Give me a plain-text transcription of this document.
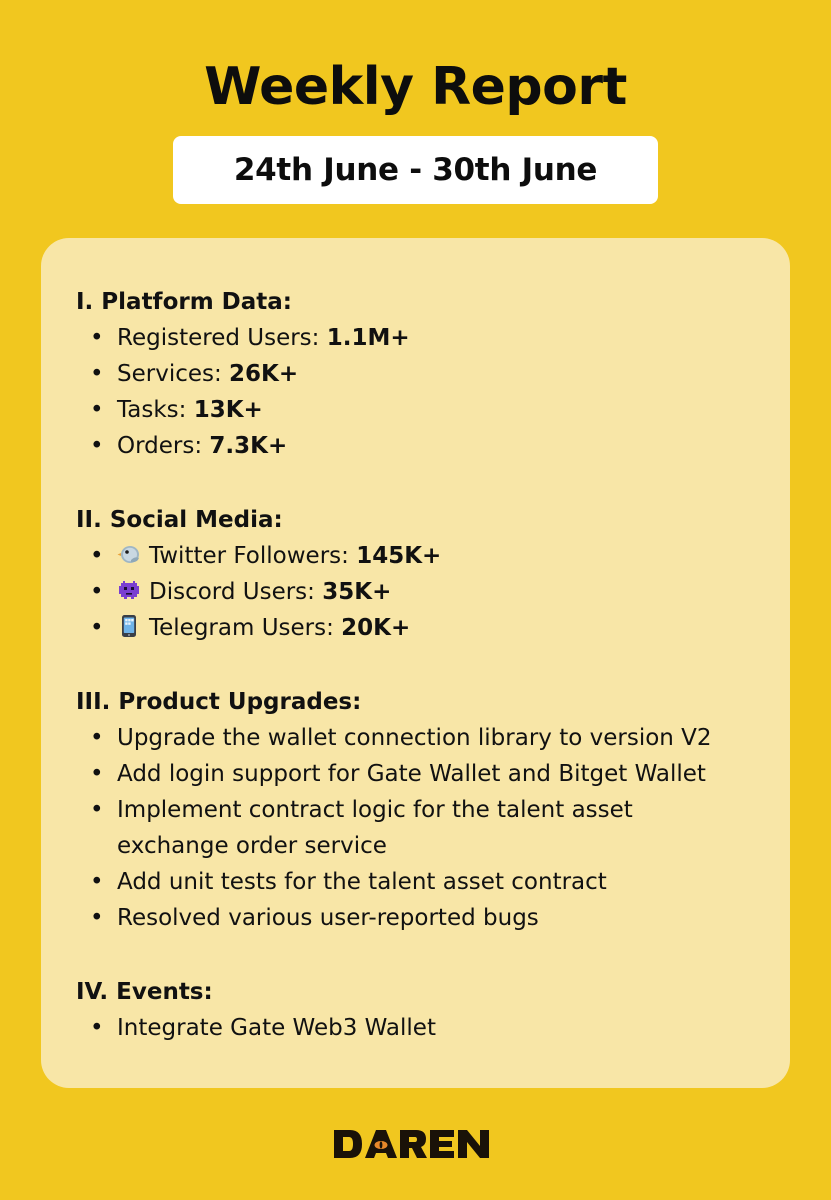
Weekly Report
24th June - 30th June
I. Platform Data:
• Registered Users: 1.1M+
• Services: 26K+
• Tasks: 13K+
• Orders: 7.3K+
II. Social Media:
• Twitter Followers: 145K+
• Discord Users: 35K+
• Telegram Users: 20K+
III. Product Upgrades:
• Upgrade the wallet connection library to version V2
• Add login support for Gate Wallet and Bitget Wallet
• Implement contract logic for the talent asset exchange order service
• Add unit tests for the talent asset contract
• Resolved various user-reported bugs
IV. Events:
• Integrate Gate Web3 Wallet
